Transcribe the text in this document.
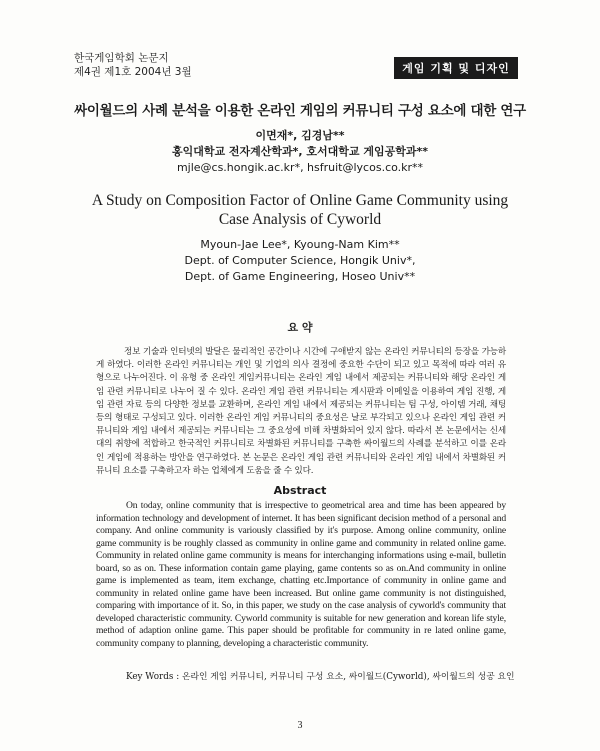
한국게임학회 논문지
제4권 제1호 2004년 3월	게임 기획 및 디자인
싸이월드의 사례 분석을 이용한 온라인 게임의 커뮤니티 구성 요소에 대한 연구
이면재*, 김경남**
홍익대학교 전자계산학과*, 호서대학교 게임공학과**
mjle@cs.hongik.ac.kr*, hsfruit@lycos.co.kr**
A Study on Composition Factor of Online Game Community using Case Analysis of Cyworld
Myoun-Jae Lee*, Kyoung-Nam Kim**
Dept. of Computer Science, Hongik Univ*,
Dept. of Game Engineering, Hoseo Univ**
요 약
정보 기술과 인터넷의 발달은 물리적인 공간이나 시간에 구애받지 않는 온라인 커뮤니티의 등장을 가능하게 하였다. 이러한 온라인 커뮤니티는 개인 및 기업의 의사 결정에 중요한 수단이 되고 있고 목적에 따라 여러 유형으로 나누어진다. 이 유형 중 온라인 게임커뮤니티는 온라인 게임 내에서 제공되는 커뮤니티와 해당 온라인 게임 관련 커뮤니티로 나누어 질 수 있다. 온라인 게임 관련 커뮤니티는 게시판과 이메일을 이용하여 게임 진행, 게임 관련 자료 등의 다양한 정보를 교환하며, 온라인 게임 내에서 제공되는 커뮤니티는 팀 구성, 아이템 거래, 채팅등의 형태로 구성되고 있다. 이러한 온라인 게임 커뮤니티의 중요성은 날로 부각되고 있으나 온라인 게임 관련 커뮤니티와 게임 내에서 제공되는 커뮤니티는 그 중요성에 비해 차별화되어 있지 않다. 따라서 본 논문에서는 신세대의 취향에 적합하고 한국적인 커뮤니티로 차별화된 커뮤니티를 구축한 싸이월드의 사례를 분석하고 이를 온라인 게임에 적용하는 방안을 연구하였다. 본 논문은 온라인 게임 관련 커뮤니티와 온라인 게임 내에서 차별화된 커뮤니티 요소를 구축하고자 하는 업체에게 도움을 줄 수 있다.
Abstract
On today, online community that is irrespective to geometrical area and time has been appeared by information technology and development of internet. It has been significant decision method of a personal and company. And online community is variously classified by it's purpose. Among online community, online game community is be roughly classed as community in online game and community in related online game. Community in related online game community is means for interchanging informations using e-mail, bulletin board, so as on. These information contain game playing, game contents so as on.And community in online game is implemented as team, item exchange, chatting etc.Importance of community in online game and community in related online game have been increased. But online game community is not distinguished, comparing with importance of it. So, in this paper, we study on the case analysis of cyworld's community that developed characteristic community. Cyworld community is suitable for new generation and korean life style, method of adaption online game. This paper should be profitable for community in re lated online game, community company to planning, developing a characteristic community.
Key Words : 온라인 게임 커뮤니티, 커뮤니티 구성 요소, 싸이월드(Cyworld), 싸이월드의 성공 요인
3
